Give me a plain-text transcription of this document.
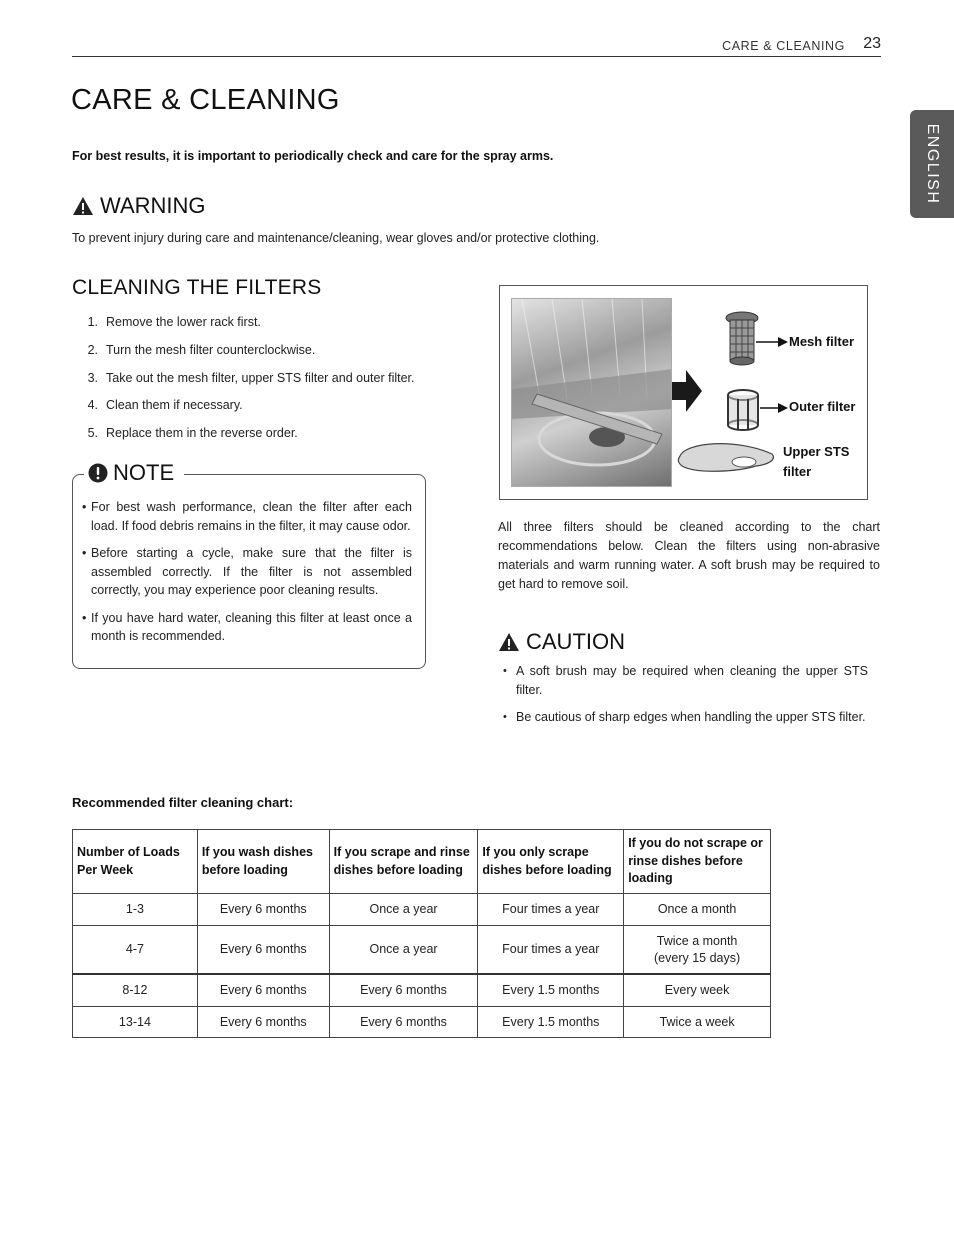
CARE & CLEANING 23
ENGLISH
CARE & CLEANING
For best results, it is important to periodically check and care for the spray arms.
WARNING
To prevent injury during care and maintenance/cleaning, wear gloves and/or protective clothing.
CLEANING THE FILTERS
1. Remove the lower rack first.
2. Turn the mesh filter counterclockwise.
3. Take out the mesh filter, upper STS filter and outer filter.
4. Clean them if necessary.
5. Replace them in the reverse order.
NOTE
• For best wash performance, clean the filter after each load. If food debris remains in the filter, it may cause odor.
• Before starting a cycle, make sure that the filter is assembled correctly. If the filter is not assembled correctly, you may experience poor cleaning results.
• If you have hard water, cleaning this filter at least once a month is recommended.
Mesh filter
Outer filter
Upper STS
filter
All three filters should be cleaned according to the chart recommendations below. Clean the filters using non-abrasive materials and warm running water. A soft brush may be required to get hard to remove soil.
CAUTION
• A soft brush may be required when cleaning the upper STS filter.
• Be cautious of sharp edges when handling the upper STS filter.
Recommended filter cleaning chart:
Number of Loads Per Week	If you wash dishes before loading	If you scrape and rinse dishes before loading	If you only scrape dishes before loading	If you do not scrape or rinse dishes before loading
1-3	Every 6 months	Once a year	Four times a year	Once a month
4-7	Every 6 months	Once a year	Four times a year	Twice a month
(every 15 days)

8-12	Every 6 months	Every 6 months	Every 1.5 months	Every week
13-14	Every 6 months	Every 6 months	Every 1.5 months	Twice a week
